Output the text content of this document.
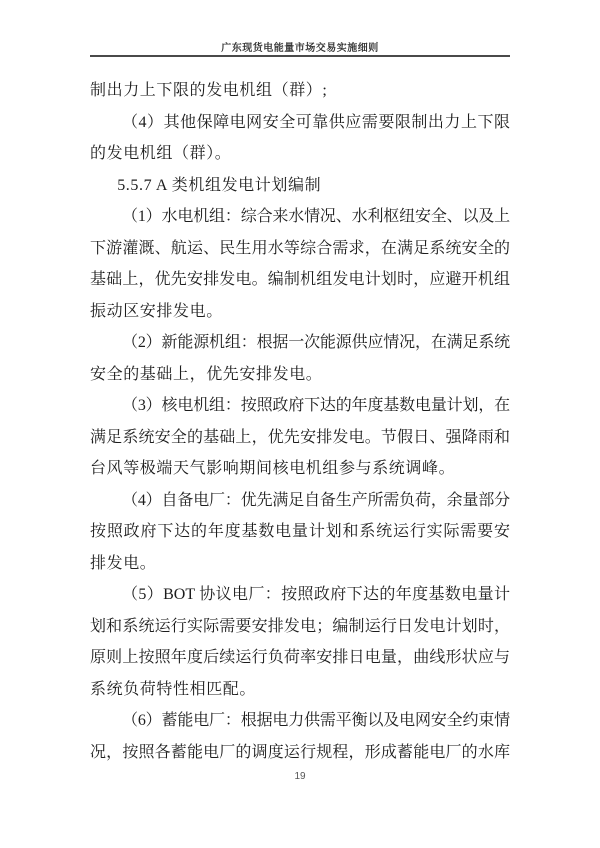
广东现货电能量市场交易实施细则
制出力上下限的发电机组（群）;
（4）其他保障电网安全可靠供应需要限制出力上下限
的发电机组（群）。
5.5.7 A 类机组发电计划编制
（1）水电机组：综合来水情况、水利枢纽安全、以及上
下游灌溉、航运、民生用水等综合需求，在满足系统安全的
基础上，优先安排发电。编制机组发电计划时，应避开机组
振动区安排发电。
（2）新能源机组：根据一次能源供应情况，在满足系统
安全的基础上，优先安排发电。
（3）核电机组：按照政府下达的年度基数电量计划，在
满足系统安全的基础上，优先安排发电。节假日、强降雨和
台风等极端天气影响期间核电机组参与系统调峰。
（4）自备电厂：优先满足自备生产所需负荷，余量部分
按照政府下达的年度基数电量计划和系统运行实际需要安
排发电。
（5）BOT 协议电厂：按照政府下达的年度基数电量计
划和系统运行实际需要安排发电；编制运行日发电计划时，
原则上按照年度后续运行负荷率安排日电量，曲线形状应与
系统负荷特性相匹配。
（6）蓄能电厂：根据电力供需平衡以及电网安全约束情
况，按照各蓄能电厂的调度运行规程，形成蓄能电厂的水库
19
